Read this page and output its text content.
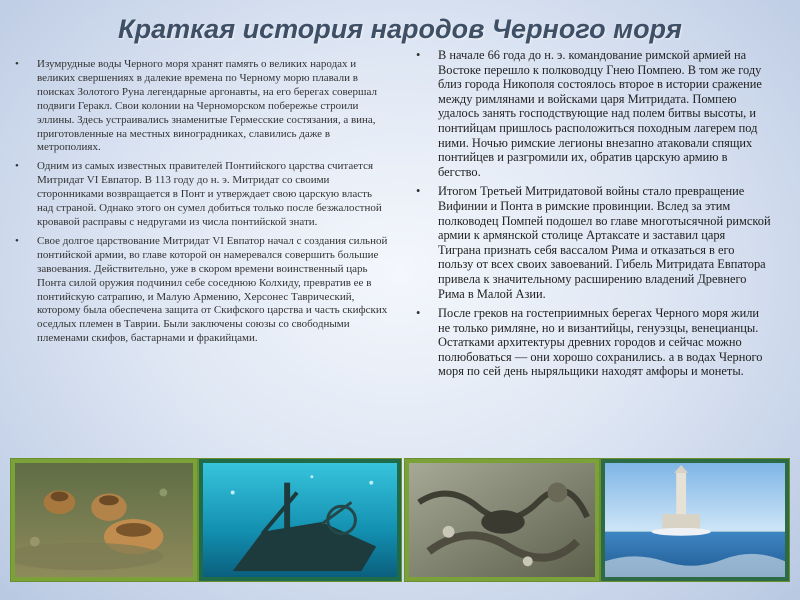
Краткая история народов Черного моря
• Изумрудные воды Черного моря хранят память о великих народах и великих свершениях в далекие времена по Черному морю плавали в поисках Золотого Руна легендарные аргонавты, на его берегах совершал подвиги Геракл. Свои колонии на Черноморском побережье строили эллины. Здесь устраивались знаменитые Гермесские состязания, а вина, приготовленные на местных виноградниках, славились даже в метрополиях.
• Одним из самых известных правителей Понтийского царства считается Митридат VI Евпатор. В 113 году до н. э. Митридат со своими сторонниками возвращается в Понт и утверждает свою царскую власть над страной. Однако этого он сумел добиться только после безжалостной кровавой расправы с недругами из числа понтийской знати.
• Свое долгое царствование Митридат VI Евпатор начал с создания сильной понтийской армии, во главе которой он намеревался совершить большие завоевания. Действительно, уже в скором времени воинственный царь Понта силой оружия подчинил себе соседнюю Колхиду, превратив ее в понтийскую сатрапию, и Малую Армению, Херсонес Таврический, которому была обеспечена защита от Скифского царства и часть скифских оседлых племен в Таврии. Были заключены союзы со свободными племенами скифов, бастарнами и фракийцами.
• В начале 66 года до н. э. командование римской армией на Востоке перешло к полководцу Гнею Помпею. В том же году близ города Никополя состоялось второе в истории сражение между римлянами и войсками царя Митридата. Помпею удалось занять господствующие над полем битвы высоты, и понтийцам пришлось расположиться походным лагерем под ними. Ночью римские легионы внезапно атаковали спящих понтийцев и разгромили их, обратив царскую армию в бегство.
• Итогом Третьей Митридатовой войны стало превращение Вифинии и Понта в римские провинции. Вслед за этим полководец Помпей подошел во главе многотысячной римской армии к армянской столице Артаксате и заставил царя Тиграна признать себя вассалом Рима и отказаться в его пользу от всех своих завоеваний. Гибель Митридата Евпатора привела к значительному расширению владений Древнего Рима в Малой Азии.
• После греков на гостеприимных берегах Черного моря жили не только римляне, но и византийцы, генуэзцы, венецианцы. Остатками архитектуры древних городов и сейчас можно полюбоваться — они хорошо сохранились. а в водах Черного моря по сей день ныряльщики находят амфоры и монеты.
